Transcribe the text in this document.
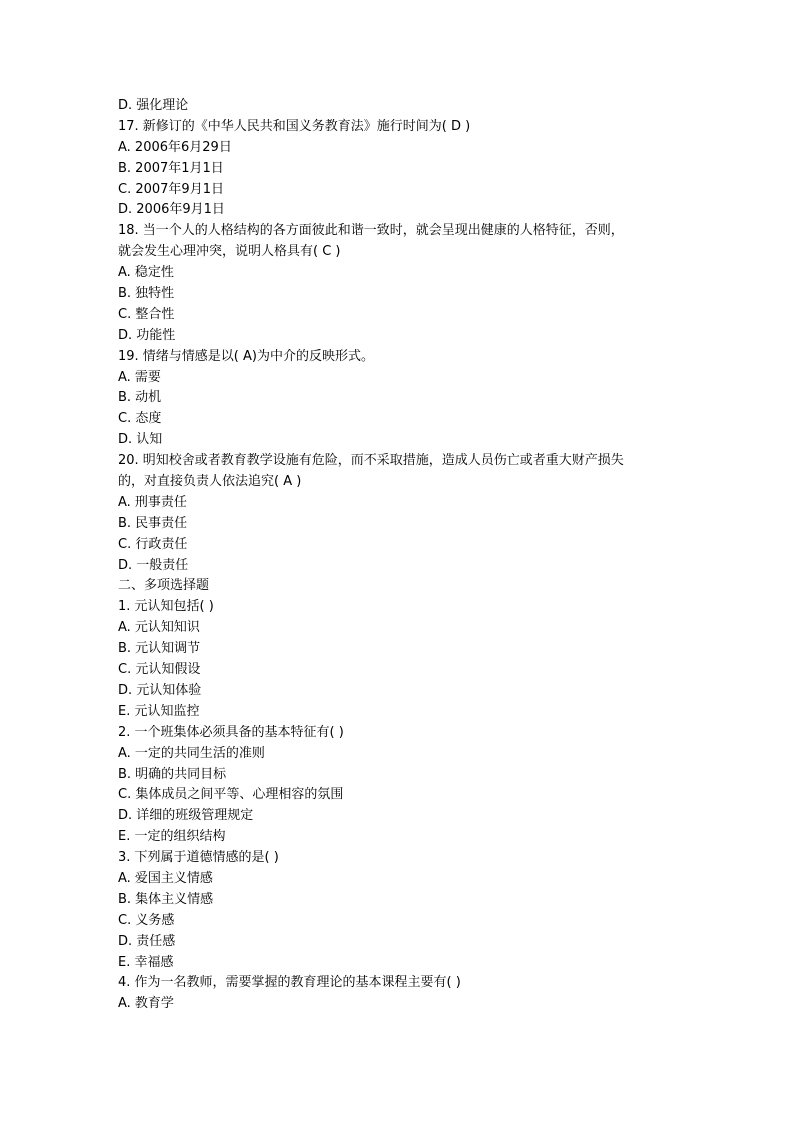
D. 强化理论
17. 新修订的《中华人民共和国义务教育法》施行时间为( D )
A. 2006年6月29日
B. 2007年1月1日
C. 2007年9月1日
D. 2006年9月1日
18. 当一个人的人格结构的各方面彼此和谐一致时，就会呈现出健康的人格特征，否则，
就会发生心理冲突，说明人格具有( C )
A. 稳定性
B. 独特性
C. 整合性
D. 功能性
19. 情绪与情感是以( A)为中介的反映形式。
A. 需要
B. 动机
C. 态度
D. 认知
20. 明知校舍或者教育教学设施有危险，而不采取措施，造成人员伤亡或者重大财产损失
的，对直接负责人依法追究( A )
A. 刑事责任
B. 民事责任
C. 行政责任
D. 一般责任
二、多项选择题
1. 元认知包括( )
A. 元认知知识
B. 元认知调节
C. 元认知假设
D. 元认知体验
E. 元认知监控
2. 一个班集体必须具备的基本特征有( )
A. 一定的共同生活的准则
B. 明确的共同目标
C. 集体成员之间平等、心理相容的氛围
D. 详细的班级管理规定
E. 一定的组织结构
3. 下列属于道德情感的是( )
A. 爱国主义情感
B. 集体主义情感
C. 义务感
D. 责任感
E. 幸福感
4. 作为一名教师，需要掌握的教育理论的基本课程主要有( )
A. 教育学
